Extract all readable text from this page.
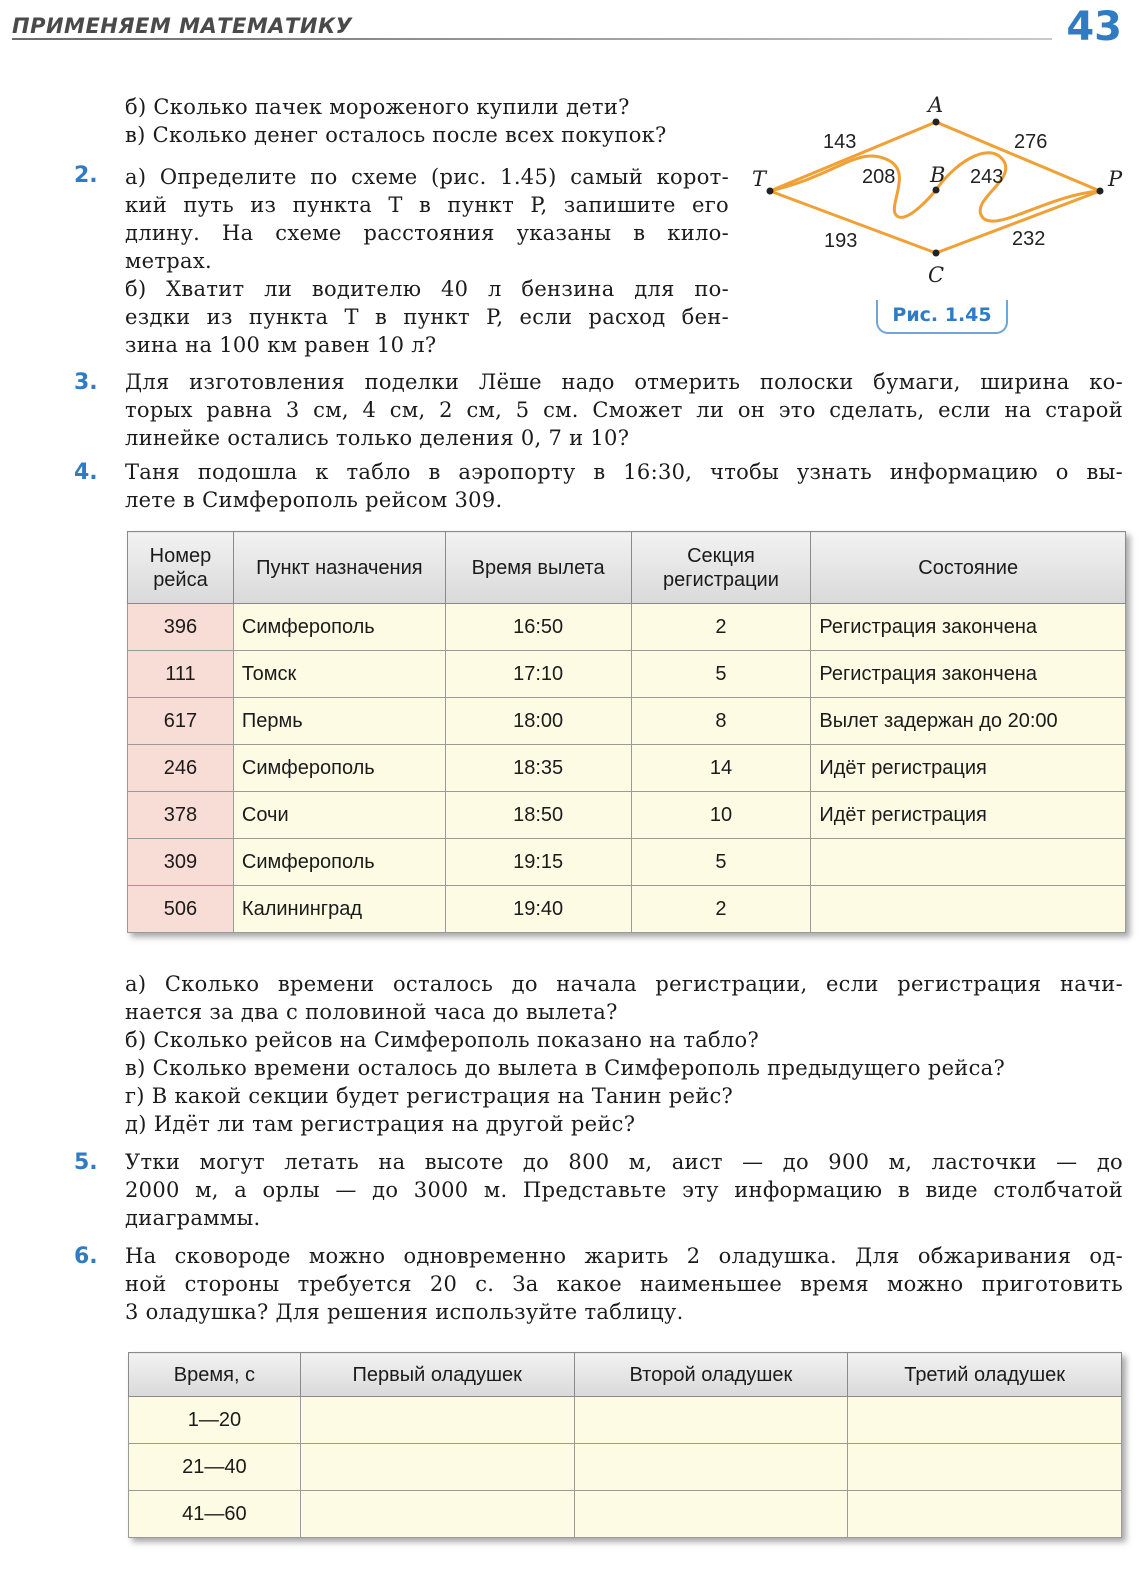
ПРИМЕНЯЕМ МАТЕМАТИКУ	43

б) Сколько пачек мороженого купили дети?

в) Сколько денег осталось после всех покупок?

2. а) Определите по схеме (рис. 1.45) самый корот-

кий путь из пункта T в пункт P, запишите его

длину. На схеме расстояния указаны в кило-

метрах.

б) Хватит ли водителю 40 л бензина для по-

ездки из пункта T в пункт P, если расход бен-

зина на 100 км равен 10 л?

A
B
C
T	P
143	276
208	243
193	232
Рис. 1.45
3. Для изготовления поделки Лёше надо отмерить полоски бумаги, ширина ко-

торых равна 3 см, 4 см, 2 см, 5 см. Сможет ли он это сделать, если на старой

линейке остались только деления 0, 7 и 10?

4. Таня подошла к табло в аэропорту в 16:30, чтобы узнать информацию о вы-

лете в Симферополь рейсом 309.

Номер рейса	Пункт назначения	Время вылета	Секция регистрации	Состояние
396	Симферополь	16:50	2	Регистрация закончена
111	Томск	17:10	5	Регистрация закончена
617	Пермь	18:00	8	Вылет задержан до 20:00
246	Симферополь	18:35	14	Идёт регистрация
378	Сочи	18:50	10	Идёт регистрация
309	Симферополь	19:15	5	
506	Калининград	19:40	2	

а) Сколько времени осталось до начала регистрации, если регистрация начи-

нается за два с половиной часа до вылета?

б) Сколько рейсов на Симферополь показано на табло?

в) Сколько времени осталось до вылета в Симферополь предыдущего рейса?

г) В какой секции будет регистрация на Танин рейс?

д) Идёт ли там регистрация на другой рейс?

5. Утки могут летать на высоте до 800 м, аист — до 900 м, ласточки — до

2000 м, а орлы — до 3000 м. Представьте эту информацию в виде столбчатой

диаграммы.

6. На сковороде можно одновременно жарить 2 оладушка. Для обжаривания од-

ной стороны требуется 20 с. За какое наименьшее время можно приготовить

3 оладушка? Для решения используйте таблицу.

Время, с	Первый оладушек	Второй оладушек	Третий оладушек
1—20			
21—40			
41—60			
